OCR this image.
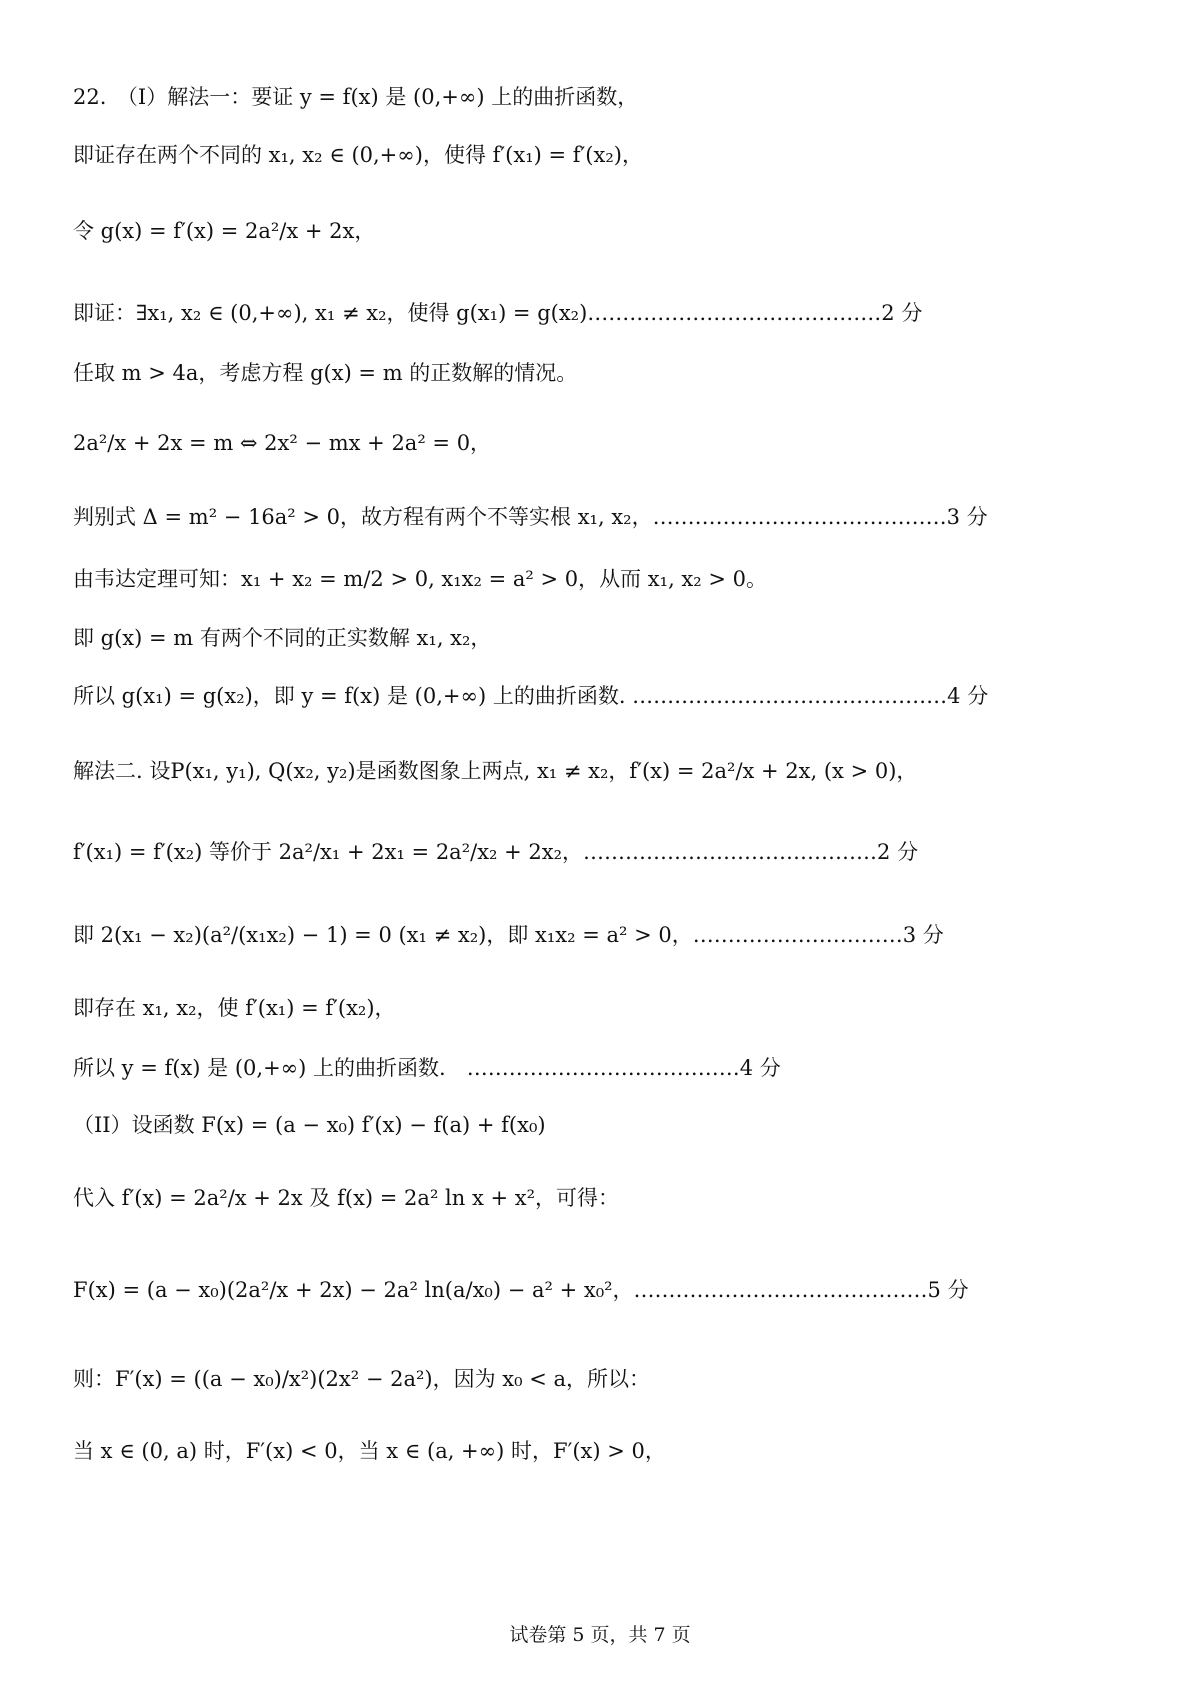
22.　（I）解法一：要证 y = f(x) 是 (0,+∞) 上的曲折函数，
即证存在两个不同的 x₁, x₂ ∈ (0,+∞)，使得 f′(x₁) = f′(x₂)，
令 g(x) = f′(x) = 2a²/x + 2x，
即证：∃x₁, x₂ ∈ (0,+∞), x₁ ≠ x₂，使得 g(x₁) = g(x₂)……………………………………2 分
任取 m > 4a，考虑方程 g(x) = m 的正数解的情况。
2a²/x + 2x = m ⇔ 2x² − mx + 2a² = 0，
判别式 Δ = m² − 16a² > 0，故方程有两个不等实根 x₁, x₂，……………………………………3 分
由韦达定理可知：x₁ + x₂ = m/2 > 0, x₁x₂ = a² > 0，从而 x₁, x₂ > 0。
即 g(x) = m 有两个不同的正实数解 x₁, x₂，
所以 g(x₁) = g(x₂)，即 y = f(x) 是 (0,+∞) 上的曲折函数. ………………………………………4 分
解法二. 设P(x₁, y₁), Q(x₂, y₂)是函数图象上两点, x₁ ≠ x₂，f′(x) = 2a²/x + 2x, (x > 0)，
f′(x₁) = f′(x₂) 等价于 2a²/x₁ + 2x₁ = 2a²/x₂ + 2x₂，……………………………………2 分
即 2(x₁ − x₂)(a²/(x₁x₂) − 1) = 0 (x₁ ≠ x₂)，即 x₁x₂ = a² > 0，…………………………3 分
即存在 x₁, x₂，使 f′(x₁) = f′(x₂)，
所以 y = f(x) 是 (0,+∞) 上的曲折函数.　…………………………………4 分
（II）设函数 F(x) = (a − x₀) f′(x) − f(a) + f(x₀)
代入 f′(x) = 2a²/x + 2x 及 f(x) = 2a² ln x + x²，可得：
F(x) = (a − x₀)(2a²/x + 2x) − 2a² ln(a/x₀) − a² + x₀²，……………………………………5 分
则：F′(x) = ((a − x₀)/x²)(2x² − 2a²)，因为 x₀ < a，所以：
当 x ∈ (0, a) 时，F′(x) < 0，当 x ∈ (a, +∞) 时，F′(x) > 0，
试卷第 5 页，共 7 页
